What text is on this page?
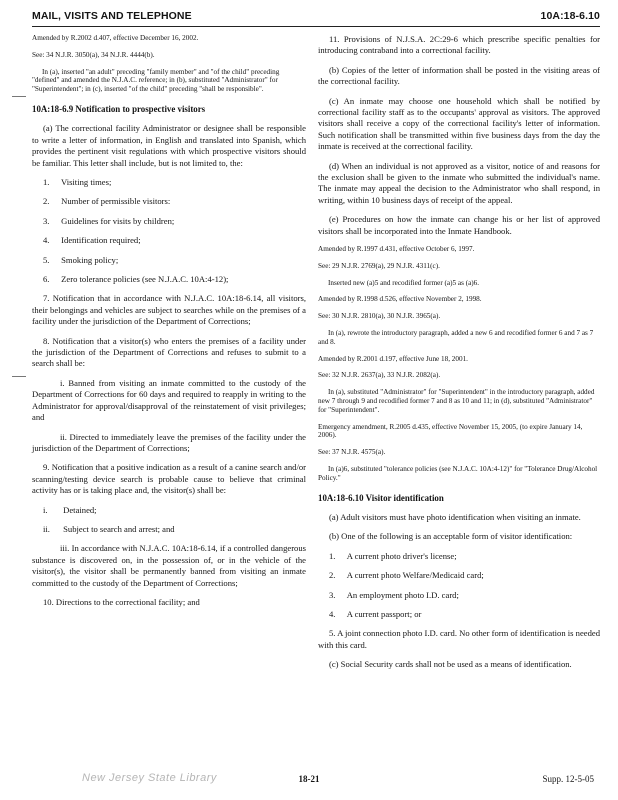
MAIL, VISITS AND TELEPHONE	10A:18-6.10

Amended by R.2002 d.407, effective December 16, 2002.

See: 34 N.J.R. 3050(a), 34 N.J.R. 4444(b).

In (a), inserted "an adult" preceding "family member" and "of the child" preceding "defined" and amended the N.J.A.C. reference; in (b), substituted "Administrator" for "Superintendent"; in (c), inserted "of the child" preceding "shall be responsible".

10A:18-6.9 Notification to prospective visitors

(a) The correctional facility Administrator or designee shall be responsible to write a letter of information, in English and translated into Spanish, which provides the pertinent visit regulations with which prospective visitors should be familiar. This letter shall include, but is not limited to, the:

1. Visiting times;
2. Number of permissible visitors:
3. Guidelines for visits by children;
4. Identification required;
5. Smoking policy;
6. Zero tolerance policies (see N.J.A.C. 10A:4-12);

7. Notification that in accordance with N.J.A.C. 10A:18-6.14, all visitors, their belongings and vehicles are subject to searches while on the premises of a facility under the jurisdiction of the Department of Corrections;

8. Notification that a visitor(s) who enters the premises of a facility under the jurisdiction of the Department of Corrections and refuses to submit to a search shall be:

i. Banned from visiting an inmate committed to the custody of the Department of Corrections for 60 days and required to reapply in writing to the Administrator for approval/disapproval of the reinstatement of visit privileges; and

ii. Directed to immediately leave the premises of the facility under the jurisdiction of the Department of Corrections;

9. Notification that a positive indication as a result of a canine search and/or scanning/testing device search is probable cause to believe that criminal activity has or is taking place and, the visitor(s) shall be:

i. Detained;
ii. Subject to search and arrest; and

iii. In accordance with N.J.A.C. 10A:18-6.14, if a controlled dangerous substance is discovered on, in the possession of, or in the vehicle of the visitor(s), the visitor shall be permanently banned from visiting an inmate committed to the custody of the Department of Corrections;

10. Directions to the correctional facility; and

11. Provisions of N.J.S.A. 2C:29-6 which prescribe specific penalties for introducing contraband into a correctional facility.

(b) Copies of the letter of information shall be posted in the visiting areas of the correctional facility.

(c) An inmate may choose one household which shall be notified by correctional facility staff as to the occupants' approval as visitors. The approved visitors shall receive a copy of the correctional facility's letter of information. Such notification shall be transmitted within five business days from the day the inmate is received at the correctional facility.

(d) When an individual is not approved as a visitor, notice of and reasons for the exclusion shall be given to the inmate who submitted the individual's name. The inmate may appeal the decision to the Administrator who shall respond, in writing, within 10 business days of receipt of the appeal.

(e) Procedures on how the inmate can change his or her list of approved visitors shall be incorporated into the Inmate Handbook.

Amended by R.1997 d.431, effective October 6, 1997.

See: 29 N.J.R. 2769(a), 29 N.J.R. 4311(c).

Inserted new (a)5 and recodified former (a)5 as (a)6.

Amended by R.1998 d.526, effective November 2, 1998.

See: 30 N.J.R. 2810(a), 30 N.J.R. 3965(a).

In (a), rewrote the introductory paragraph, added a new 6 and recodified former 6 and 7 as 7 and 8.

Amended by R.2001 d.197, effective June 18, 2001.

See: 32 N.J.R. 2637(a), 33 N.J.R. 2082(a).

In (a), substituted "Administrator" for "Superintendent" in the introductory paragraph, added new 7 through 9 and recodified former 7 and 8 as 10 and 11; in (d), substituted "Administrator" for "Superintendent".

Emergency amendment, R.2005 d.435, effective November 15, 2005, (to expire January 14, 2006).

See: 37 N.J.R. 4575(a).

In (a)6, substituted "tolerance policies (see N.J.A.C. 10A:4-12)" for "Tolerance Drug/Alcohol Policy."

10A:18-6.10 Visitor identification

(a) Adult visitors must have photo identification when visiting an inmate.

(b) One of the following is an acceptable form of visitor identification:

1. A current photo driver's license;
2. A current photo Welfare/Medicaid card;
3. An employment photo I.D. card;
4. A current passport; or

5. A joint connection photo I.D. card. No other form of identification is needed with this card.

(c) Social Security cards shall not be used as a means of identification.

New Jersey State Library	18-21	Supp. 12-5-05
